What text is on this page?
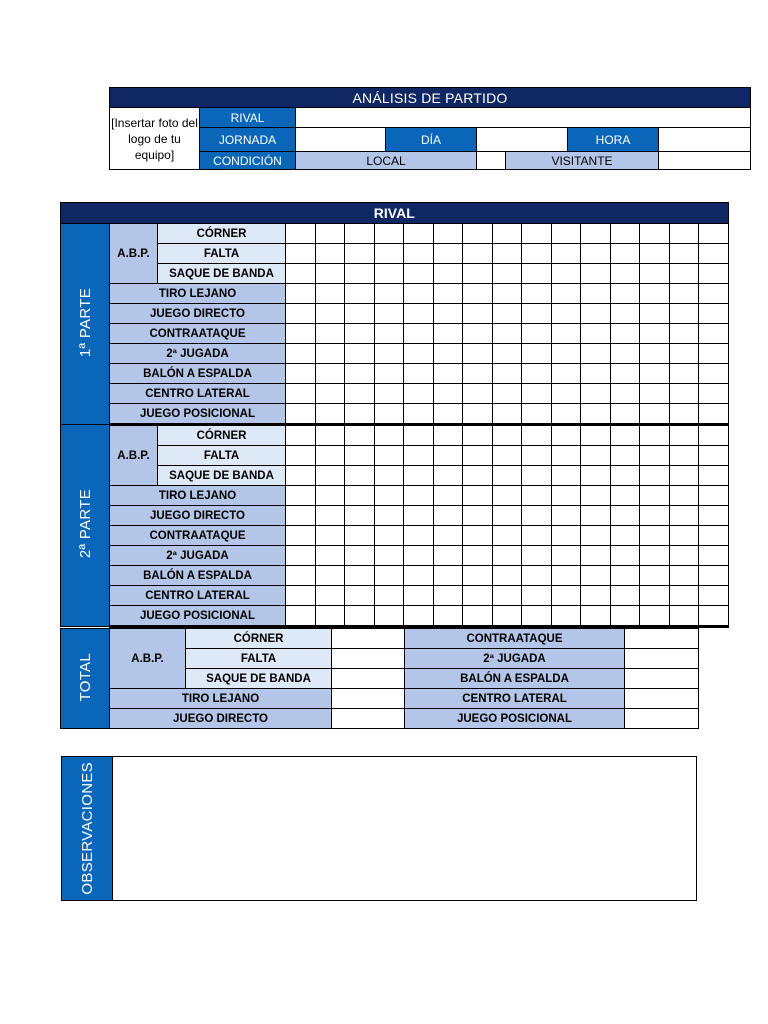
ANÁLISIS DE PARTIDO							
[Insertar foto del logo de tu equipo]	RIVAL						
	JORNADA		DÍA			HORA	
	CONDICIÓN	LOCAL			VISITANTE		
RIVAL																	
1ª PARTE	A.B.P.	CÓRNER															
		FALTA															
		SAQUE DE BANDA															
	TIRO LEJANO																
	JUEGO DIRECTO																
	CONTRAATAQUE																
	2ª JUGADA																
	BALÓN A ESPALDA																
	CENTRO LATERAL																
	JUEGO POSICIONAL																
2ª PARTE	A.B.P.	CÓRNER															
		FALTA															
		SAQUE DE BANDA															
	TIRO LEJANO																
	JUEGO DIRECTO																
	CONTRAATAQUE																
	2ª JUGADA																
	BALÓN A ESPALDA																
	CENTRO LATERAL																
	JUEGO POSICIONAL																
TOTAL	A.B.P.	CÓRNER		CONTRAATAQUE	
		FALTA		2ª JUGADA	
		SAQUE DE BANDA		BALÓN A ESPALDA	
	TIRO LEJANO			CENTRO LATERAL	
	JUEGO DIRECTO			JUEGO POSICIONAL	
OBSERVACIONES
